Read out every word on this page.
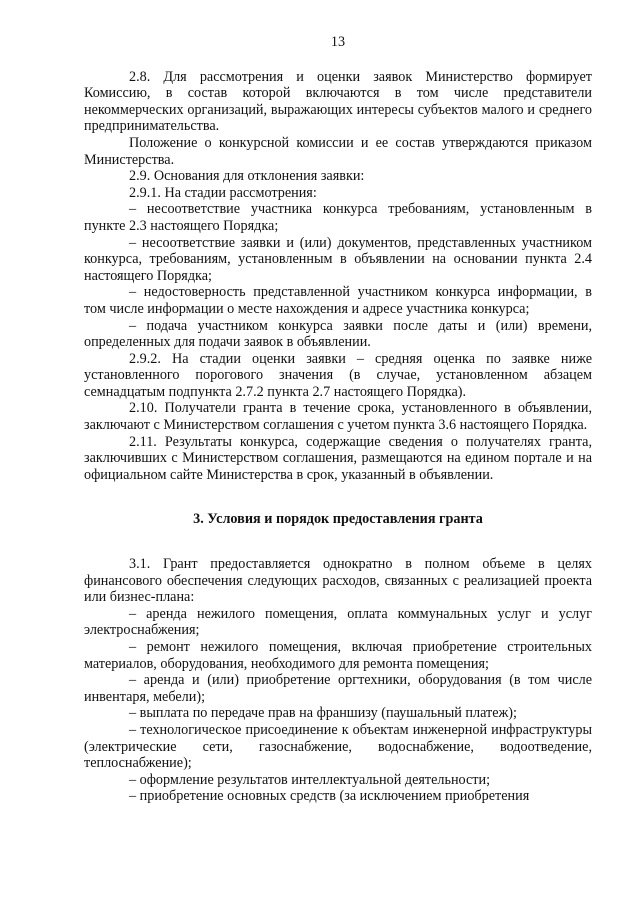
13

2.8. Для рассмотрения и оценки заявок Министерство формирует Комиссию, в состав которой включаются в том числе представители некоммерческих организаций, выражающих интересы субъектов малого и среднего предпринимательства.

Положение о конкурсной комиссии и ее состав утверждаются приказом Министерства.

2.9. Основания для отклонения заявки:

2.9.1. На стадии рассмотрения:

– несоответствие участника конкурса требованиям, установленным в пункте 2.3 настоящего Порядка;

– несоответствие заявки и (или) документов, представленных участником конкурса, требованиям, установленным в объявлении на основании пункта 2.4 настоящего Порядка;

– недостоверность представленной участником конкурса информации, в том числе информации о месте нахождения и адресе участника конкурса;

– подача участником конкурса заявки после даты и (или) времени, определенных для подачи заявок в объявлении.

2.9.2. На стадии оценки заявки – средняя оценка по заявке ниже установленного порогового значения (в случае, установленном абзацем семнадцатым подпункта 2.7.2 пункта 2.7 настоящего Порядка).

2.10. Получатели гранта в течение срока, установленного в объявлении, заключают с Министерством соглашения с учетом пункта 3.6 настоящего Порядка.

2.11. Результаты конкурса, содержащие сведения о получателях гранта, заключивших с Министерством соглашения, размещаются на едином портале и на официальном сайте Министерства в срок, указанный в объявлении.

3. Условия и порядок предоставления гранта

3.1. Грант предоставляется однократно в полном объеме в целях финансового обеспечения следующих расходов, связанных с реализацией проекта или бизнес-плана:

– аренда нежилого помещения, оплата коммунальных услуг и услуг электроснабжения;

– ремонт нежилого помещения, включая приобретение строительных материалов, оборудования, необходимого для ремонта помещения;

– аренда и (или) приобретение оргтехники, оборудования (в том числе инвентаря, мебели);

– выплата по передаче прав на франшизу (паушальный платеж);

– технологическое присоединение к объектам инженерной инфраструктуры (электрические сети, газоснабжение, водоснабжение, водоотведение, теплоснабжение);

– оформление результатов интеллектуальной деятельности;

– приобретение основных средств (за исключением приобретения
